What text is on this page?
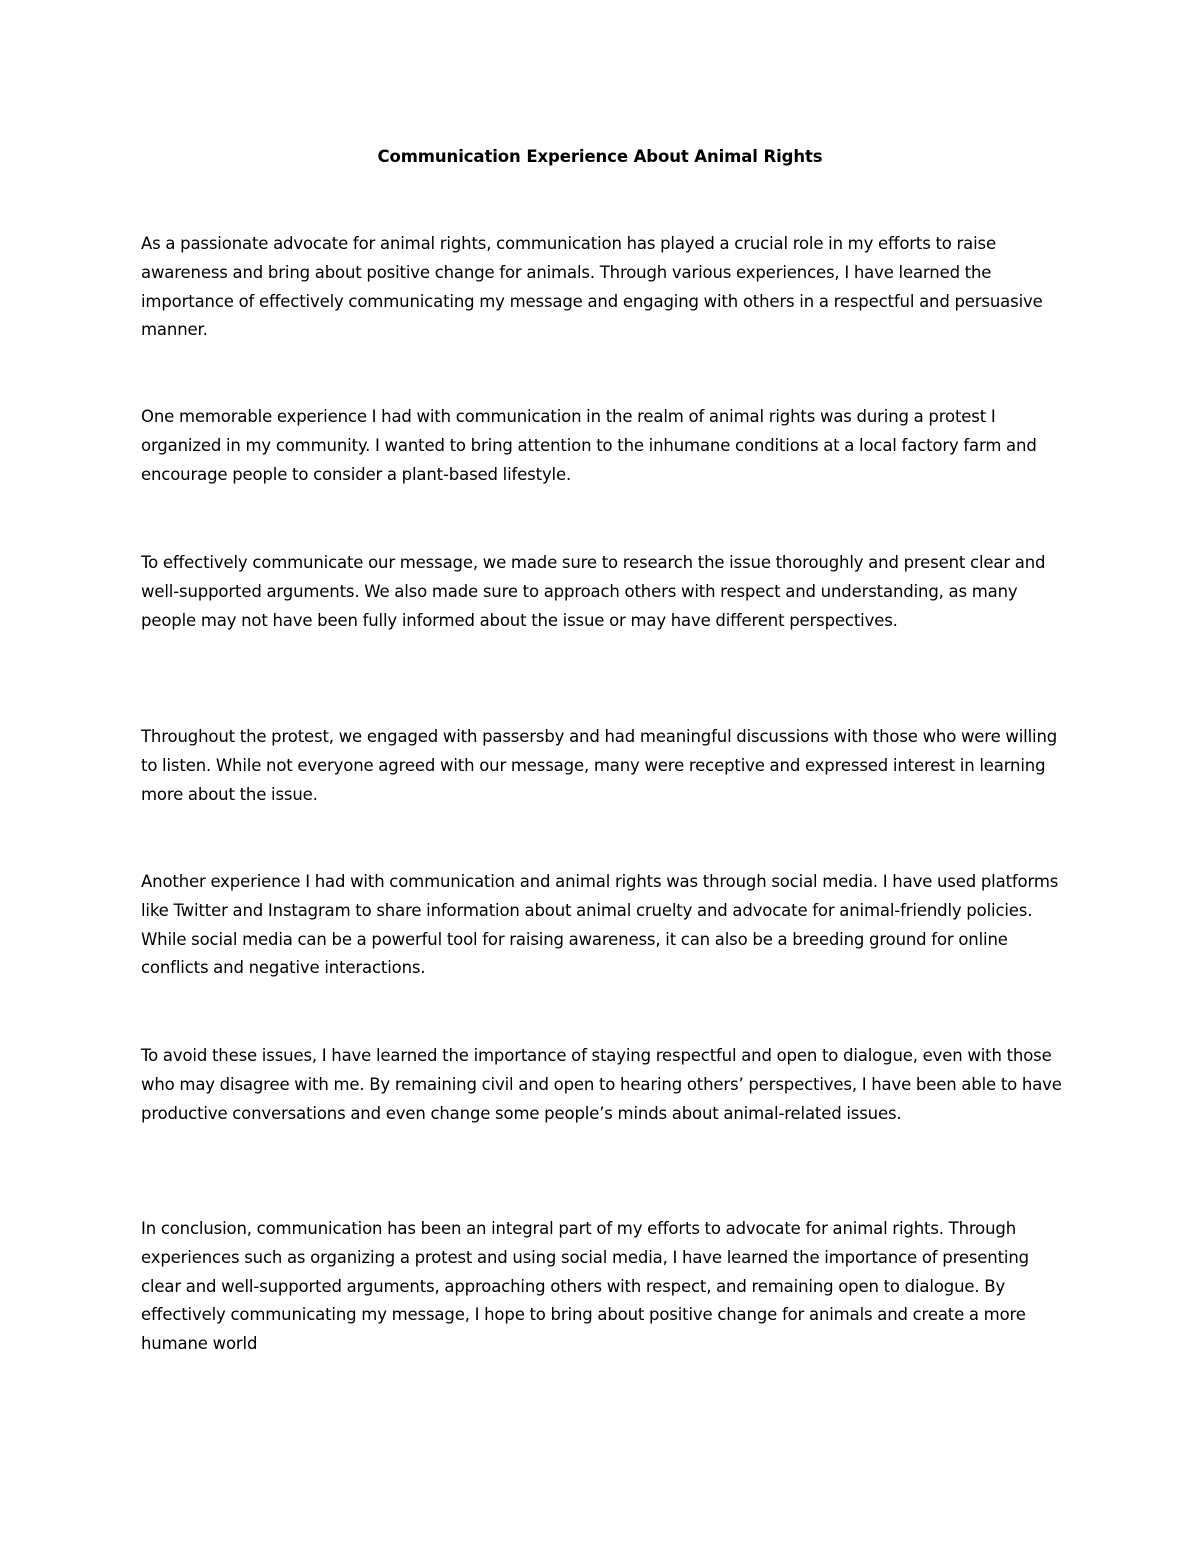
Communication Experience About Animal Rights

As a passionate advocate for animal rights, communication has played a crucial role in my efforts to raise awareness and bring about positive change for animals. Through various experiences, I have learned the importance of effectively communicating my message and engaging with others in a respectful and persuasive manner.

One memorable experience I had with communication in the realm of animal rights was during a protest I organized in my community. I wanted to bring attention to the inhumane conditions at a local factory farm and encourage people to consider a plant-based lifestyle.

To effectively communicate our message, we made sure to research the issue thoroughly and present clear and well-supported arguments. We also made sure to approach others with respect and understanding, as many people may not have been fully informed about the issue or may have different perspectives.

Throughout the protest, we engaged with passersby and had meaningful discussions with those who were willing to listen. While not everyone agreed with our message, many were receptive and expressed interest in learning more about the issue.

Another experience I had with communication and animal rights was through social media. I have used platforms like Twitter and Instagram to share information about animal cruelty and advocate for animal-friendly policies. While social media can be a powerful tool for raising awareness, it can also be a breeding ground for online conflicts and negative interactions.

To avoid these issues, I have learned the importance of staying respectful and open to dialogue, even with those who may disagree with me. By remaining civil and open to hearing others’ perspectives, I have been able to have productive conversations and even change some people’s minds about animal-related issues.

In conclusion, communication has been an integral part of my efforts to advocate for animal rights. Through experiences such as organizing a protest and using social media, I have learned the importance of presenting clear and well-supported arguments, approaching others with respect, and remaining open to dialogue. By effectively communicating my message, I hope to bring about positive change for animals and create a more humane world
